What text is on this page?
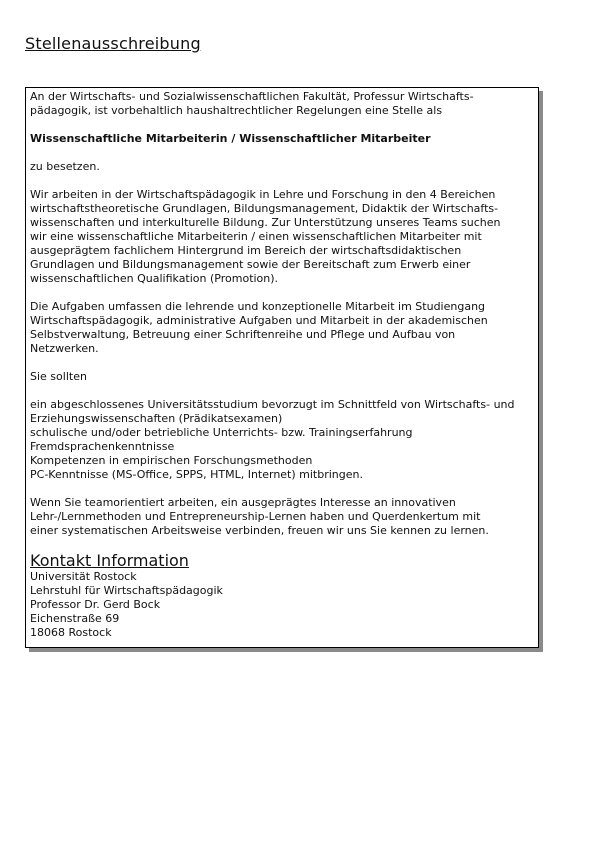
Stellenausschreibung

An der Wirtschafts- und Sozialwissenschaftlichen Fakultät, Professur Wirtschafts-
pädagogik, ist vorbehaltlich haushaltrechtlicher Regelungen eine Stelle als

Wissenschaftliche Mitarbeiterin / Wissenschaftlicher Mitarbeiter

zu besetzen.

Wir arbeiten in der Wirtschaftspädagogik in Lehre und Forschung in den 4 Bereichen
wirtschaftstheoretische Grundlagen, Bildungsmanagement, Didaktik der Wirtschafts-
wissenschaften und interkulturelle Bildung. Zur Unterstützung unseres Teams suchen
wir eine wissenschaftliche Mitarbeiterin / einen wissenschaftlichen Mitarbeiter mit
ausgeprägtem fachlichem Hintergrund im Bereich der wirtschaftsdidaktischen
Grundlagen und Bildungsmanagement sowie der Bereitschaft zum Erwerb einer
wissenschaftlichen Qualifikation (Promotion).

Die Aufgaben umfassen die lehrende und konzeptionelle Mitarbeit im Studiengang
Wirtschaftspädagogik, administrative Aufgaben und Mitarbeit in der akademischen
Selbstverwaltung, Betreuung einer Schriftenreihe und Pflege und Aufbau von
Netzwerken.

Sie sollten

ein abgeschlossenes Universitätsstudium bevorzugt im Schnittfeld von Wirtschafts- und
Erziehungswissenschaften (Prädikatsexamen)
schulische und/oder betriebliche Unterrichts- bzw. Trainingserfahrung
Fremdsprachenkenntnisse
Kompetenzen in empirischen Forschungsmethoden
PC-Kenntnisse (MS-Office, SPPS, HTML, Internet) mitbringen.

Wenn Sie teamorientiert arbeiten, ein ausgeprägtes Interesse an innovativen
Lehr-/Lernmethoden und Entrepreneurship-Lernen haben und Querdenkertum mit
einer systematischen Arbeitsweise verbinden, freuen wir uns Sie kennen zu lernen.

Kontakt Information
Universität Rostock
Lehrstuhl für Wirtschaftspädagogik
Professor Dr. Gerd Bock
Eichenstraße 69
18068 Rostock
